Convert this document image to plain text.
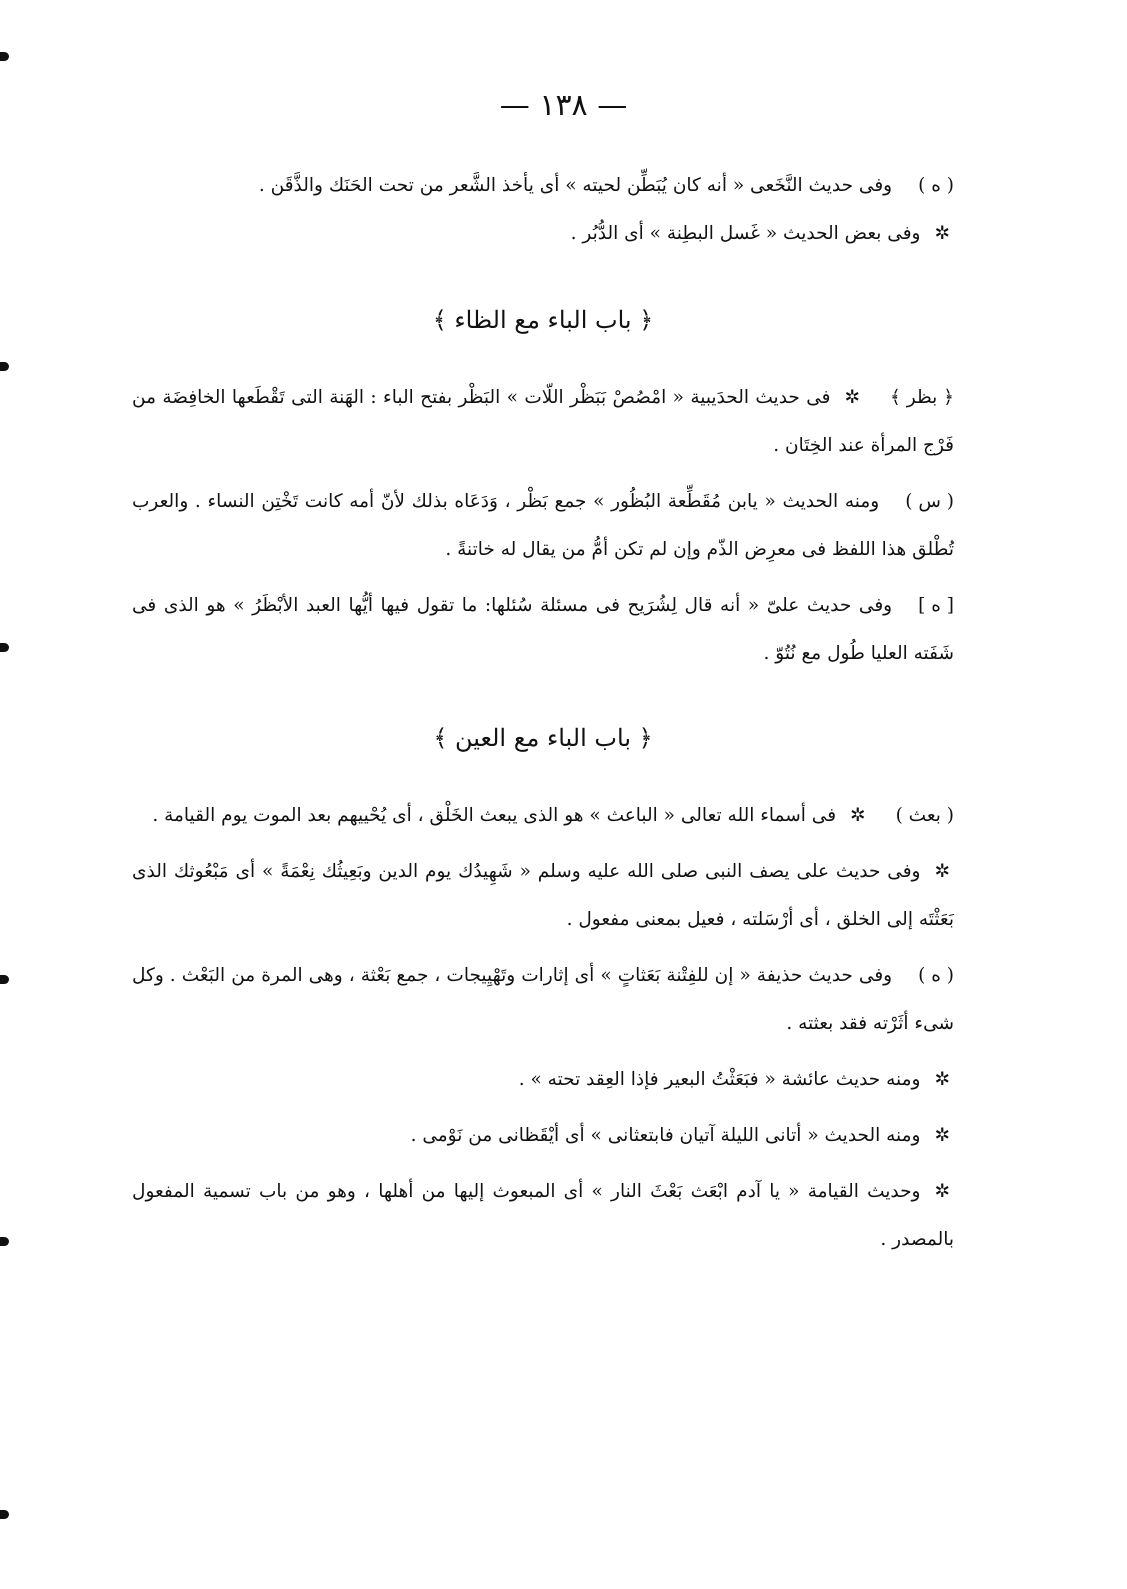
— ١٣٨ —

( ه )وفى حديث النَّخَعى « أنه كان يُبَطِّن لحيته » أى يأخذ الشَّعر من تحت الحَنَك والذَّقَن .

✲وفى بعض الحديث « غَسل البطِنة » أى الدُّبُر .

﴿ باب الباء مع الظاء ﴾

﴿ بظر ﴾✲فى حديث الحدَيبية « امْصُصْ بَبَظْر اللّات » البَظْر بفتح الباء : الهَنة التى تَقْطَعها الخافِضَة من فَرْج المرأة عند الخِتَان .

( س )ومنه الحديث « يابن مُقَطِّعة البُظُور » جمع بَظْر ، وَدَعَاه بذلك لأنّ أمه كانت تَخْتِن النساء . والعرب تُطْلق هذا اللفظ فى معرِض الذّم وإن لم تكن أمُّ من يقال له خاتنةً .

[ ه ]وفى حديث علىّ « أنه قال لِشُرَيح فى مسئلة سُئلها: ما تقول فيها أيُّها العبد الأبْظَرُ » هو الذى فى شَفَته العليا طُول مع نُتُوّ .

﴿ باب الباء مع العين ﴾

( بعث )✲فى أسماء الله تعالى « الباعث » هو الذى يبعث الخَلْق ، أى يُحْييهم بعد الموت يوم القيامة .

✲وفى حديث على يصف النبى صلى الله عليه وسلم « شَهِيدُك يوم الدين وبَعِيثُك نِعْمَةً » أى مَبْعُوثك الذى بَعَثْتَه إلى الخلق ، أى أرْسَلته ، فعيل بمعنى مفعول .

( ه )وفى حديث حذيفة « إن للفِتْنة بَعَثاتٍ » أى إثارات وتَهْيِيجات ، جمع بَعْثة ، وهى المرة من البَعْث . وكل شىء أثَرْته فقد بعثته .

✲ومنه حديث عائشة « فبَعَثْتُ البعير فإذا العِقد تحته » .

✲ومنه الحديث « أتانى الليلة آتيان فابتعثانى » أى أيْقَظانى من نَوْمى .

✲وحديث القيامة « يا آدم ابْعَث بَعْثَ النار » أى المبعوث إليها من أهلها ، وهو من باب تسمية المفعول بالمصدر .
